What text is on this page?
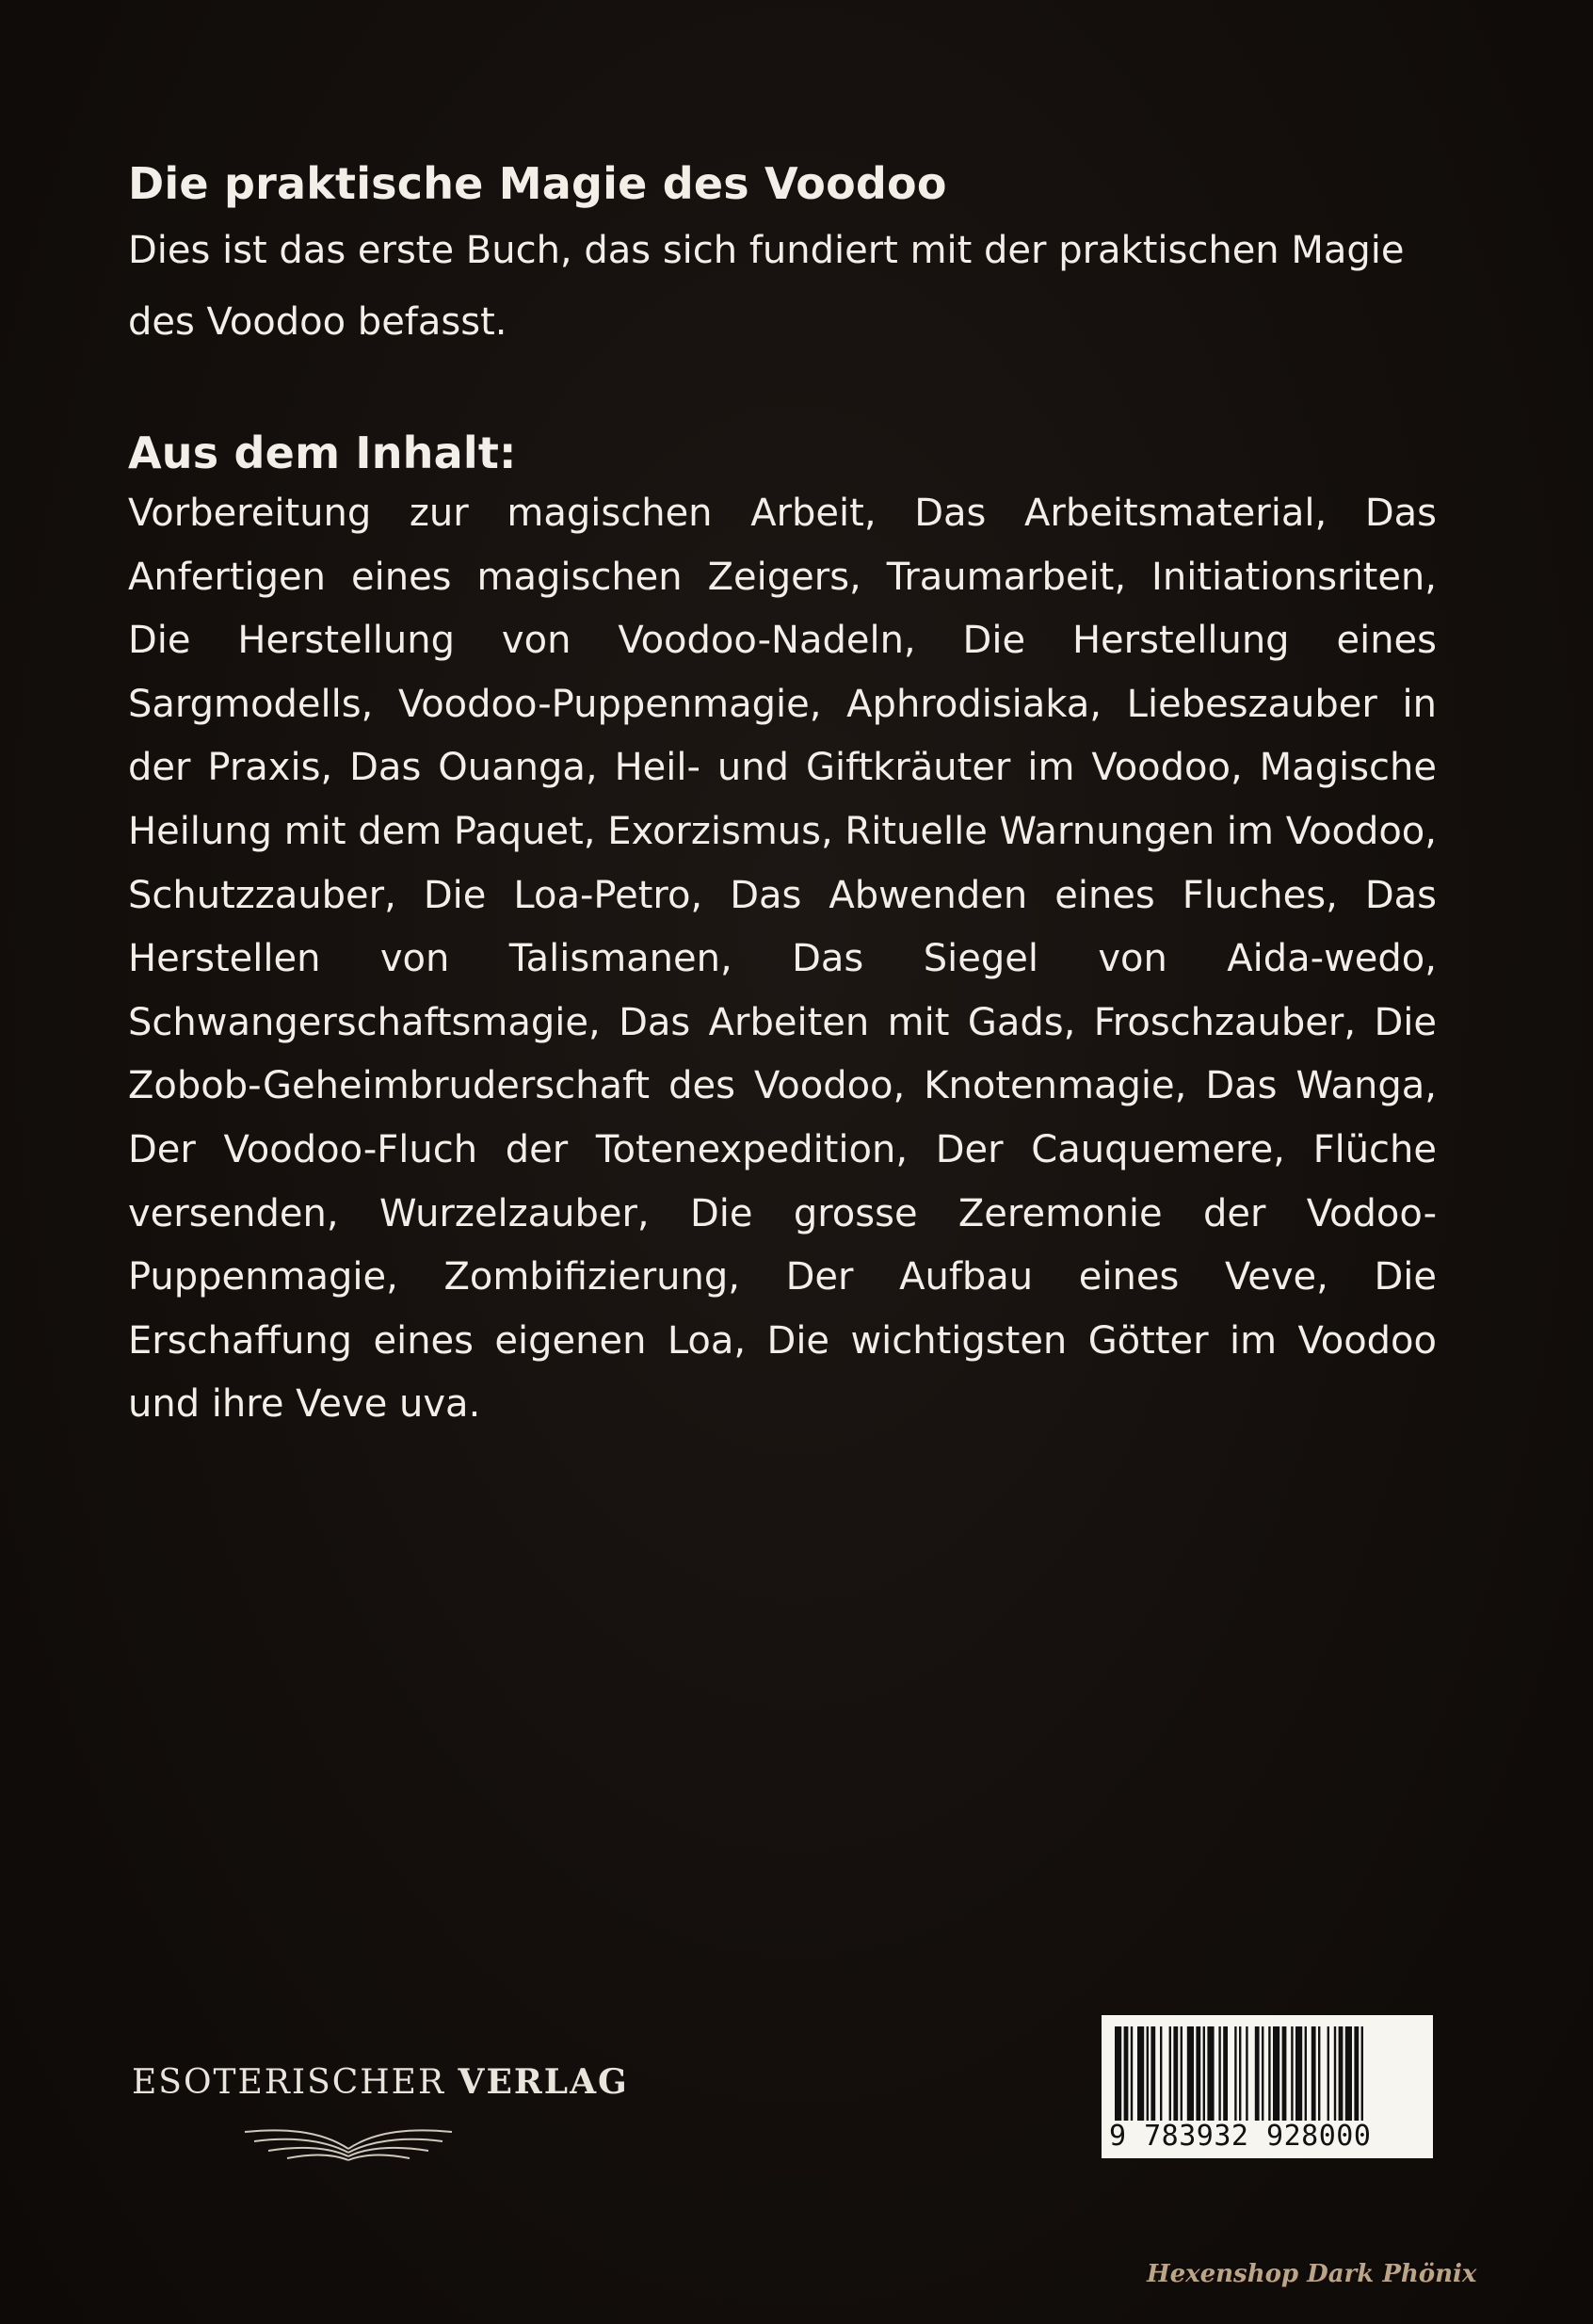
Die praktische Magie des Voodoo

Dies ist das erste Buch, das sich fundiert mit der praktischen Magie des Voodoo befasst.

Aus dem Inhalt:

Vorbereitung zur magischen Arbeit, Das Arbeitsmaterial, Das Anfertigen eines magischen Zeigers, Traumarbeit, Initiationsriten, Die Herstellung von Voodoo-Nadeln, Die Herstellung eines Sargmodells, Voodoo-Puppenmagie, Aphrodisiaka, Liebeszauber in der Praxis, Das Ouanga, Heil- und Giftkräuter im Voodoo, Magische Heilung mit dem Paquet, Exorzismus, Rituelle Warnungen im Voodoo, Schutzzauber, Die Loa-Petro, Das Abwenden eines Fluches, Das Herstellen von Talismanen, Das Siegel von Aida-wedo, Schwangerschaftsmagie, Das Arbeiten mit Gads, Froschzauber, Die Zobob-Geheimbruderschaft des Voodoo, Knotenmagie, Das Wanga, Der Voodoo-Fluch der Totenexpedition, Der Cauquemere, Flüche versenden, Wurzelzauber, Die grosse Zeremonie der Vodoo-Puppenmagie, Zombifizierung, Der Aufbau eines Veve, Die Erschaffung eines eigenen Loa, Die wichtigsten Götter im Voodoo und ihre Veve uva.

ESOTERISCHER VERLAG
9 783932 928000
Hexenshop Dark Phönix
